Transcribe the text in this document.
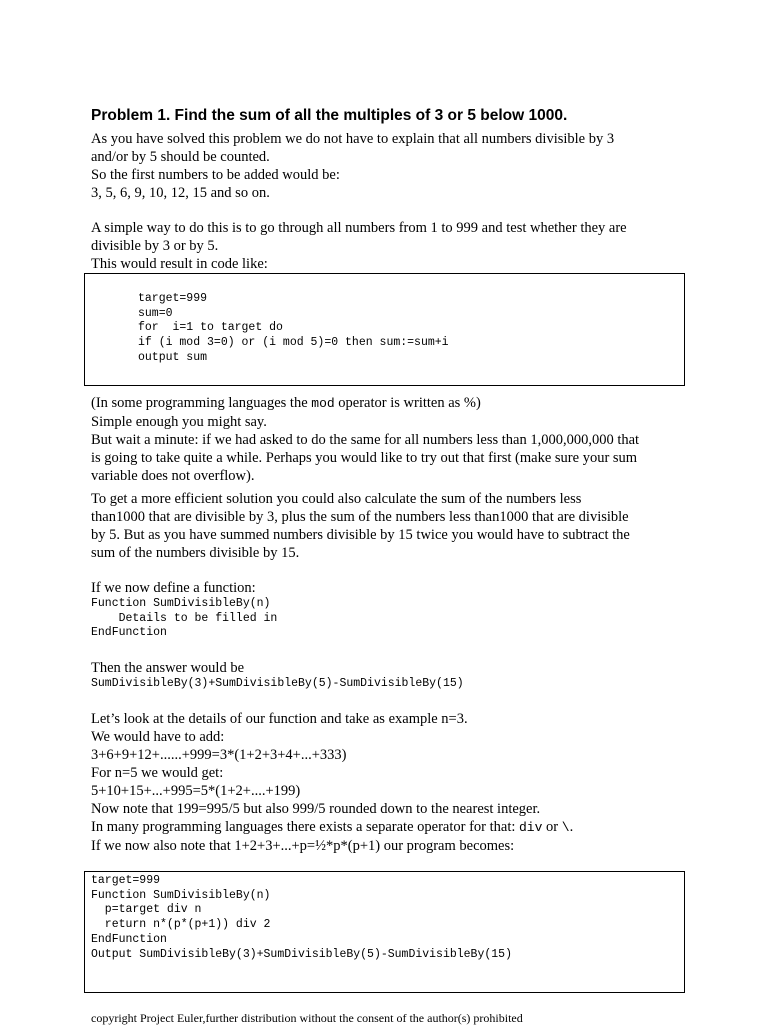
Problem 1. Find the sum of all the multiples of 3 or 5 below 1000.
As you have solved this problem we do not have to explain that all numbers divisible by 3
and/or by 5 should be counted.
So the first numbers to be added would be:
3, 5, 6, 9, 10, 12, 15 and so on.
A simple way to do this is to go through all numbers from 1 to 999 and test whether they are
divisible by 3 or by 5.
This would result in code like:
target=999
sum=0
for  i=1 to target do
if (i mod 3=0) or (i mod 5)=0 then sum:=sum+i
output sum
(In some programming languages the mod operator is written as %)
Simple enough you might say.
But wait a minute: if we had asked to do the same for all numbers less than 1,000,000,000 that
is going to take quite a while. Perhaps you would like to try out that first (make sure your sum
variable does not overflow).
To get a more efficient solution you could also calculate the sum of the numbers less
than1000 that are divisible by 3, plus the sum of the numbers less than1000 that are divisible
by 5. But as you have summed numbers divisible by 15 twice you would have to subtract the
sum of the numbers divisible by 15.
If we now define a function:
Function SumDivisibleBy(n)
Details to be filled in
EndFunction
Then the answer would be
SumDivisibleBy(3)+SumDivisibleBy(5)-SumDivisibleBy(15)
Let’s look at the details of our function and take as example n=3.
We would have to add:
3+6+9+12+......+999=3*(1+2+3+4+...+333)
For n=5 we would get:
5+10+15+...+995=5*(1+2+....+199)
Now note that 199=995/5 but also 999/5 rounded down to the nearest integer.
In many programming languages there exists a separate operator for that: div or \.
If we now also note that 1+2+3+...+p=½*p*(p+1) our program becomes:
target=999
Function SumDivisibleBy(n)
p=target div n
return n*(p*(p+1)) div 2
EndFunction
Output SumDivisibleBy(3)+SumDivisibleBy(5)-SumDivisibleBy(15)
copyright Project Euler,further distribution without the consent of the author(s) prohibited
